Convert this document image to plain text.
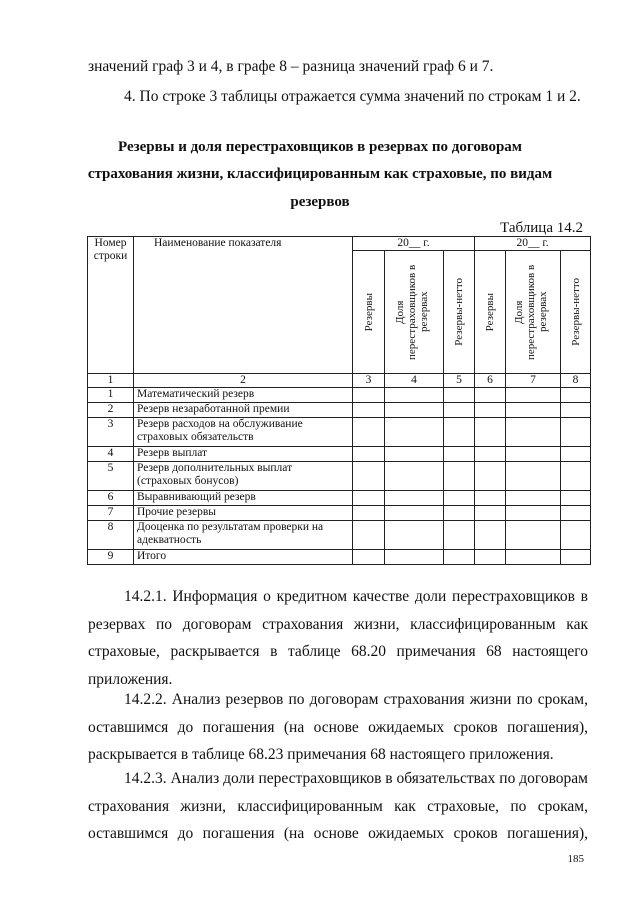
значений граф 3 и 4, в графе 8 – разница значений граф 6 и 7.
4. По строке 3 таблицы отражается сумма значений по строкам 1 и 2.
Резервы и доля перестраховщиков в резервах по договорам
страхования жизни, классифицированным как страховые, по видам
резервов
Таблица 14.2
Номер строки	Наименование показателя	20__ г.			20__ г.		

		Резервы	Доля перестраховщиков в резервах	Резервы-нетто	Резервы	Доля перестраховщиков в резервах	Резервы-нетто

1	2	3	4	5	6	7	8
1	Математический резерв						
2	Резерв незаработанной премии						
3	Резерв расходов на обслуживание страховых обязательств						
4	Резерв выплат						
5	Резерв дополнительных выплат (страховых бонусов)						
6	Выравнивающий резерв						
7	Прочие резервы						
8	Дооценка по результатам проверки на адекватность						
9	Итого						
14.2.1. Информация о кредитном качестве доли перестраховщиков в
резервах по договорам страхования жизни, классифицированным как
страховые, раскрывается в таблице 68.20 примечания 68 настоящего
приложения.
14.2.2. Анализ резервов по договорам страхования жизни по срокам,
оставшимся до погашения (на основе ожидаемых сроков погашения),
раскрывается в таблице 68.23 примечания 68 настоящего приложения.
14.2.3. Анализ доли перестраховщиков в обязательствах по договорам
страхования жизни, классифицированным как страховые, по срокам,
оставшимся до погашения (на основе ожидаемых сроков погашения),
185
